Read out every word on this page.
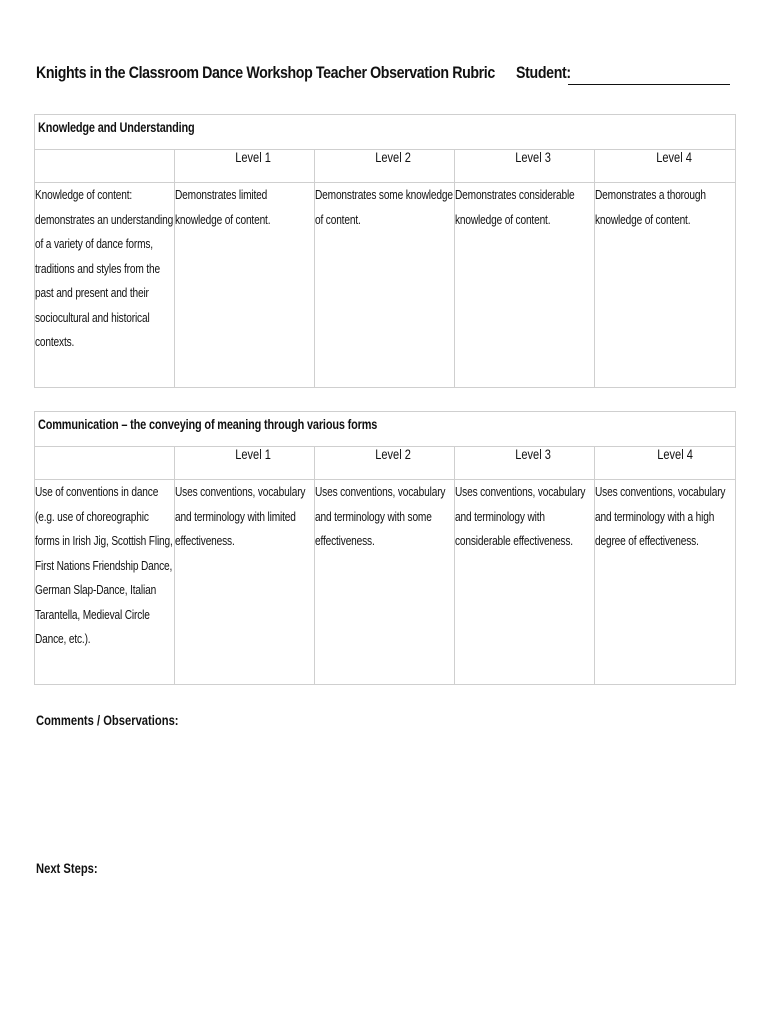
Knights in the Classroom Dance Workshop Teacher Observation Rubric Student:
Knowledge and Understanding				

	Level 1	Level 2	Level 3	Level 4

Knowledge of content: demonstrates an understanding of a variety of dance forms, traditions and styles from the past and present and their sociocultural and historical contexts.	Demonstrates limited knowledge of content.	Demonstrates some knowledge of content.	Demonstrates considerable knowledge of content.	Demonstrates a thorough knowledge of content.
Communication – the conveying of meaning through various forms				

	Level 1	Level 2	Level 3	Level 4

Use of conventions in dance (e.g. use of choreographic forms in Irish Jig, Scottish Fling, First Nations Friendship Dance, German Slap-Dance, Italian Tarantella, Medieval Circle Dance, etc.).	Uses conventions, vocabulary and terminology with limited effectiveness.	Uses conventions, vocabulary and terminology with some effectiveness.	Uses conventions, vocabulary and terminology with considerable effectiveness.	Uses conventions, vocabulary and terminology with a high degree of effectiveness.
Comments / Observations:
Next Steps:
